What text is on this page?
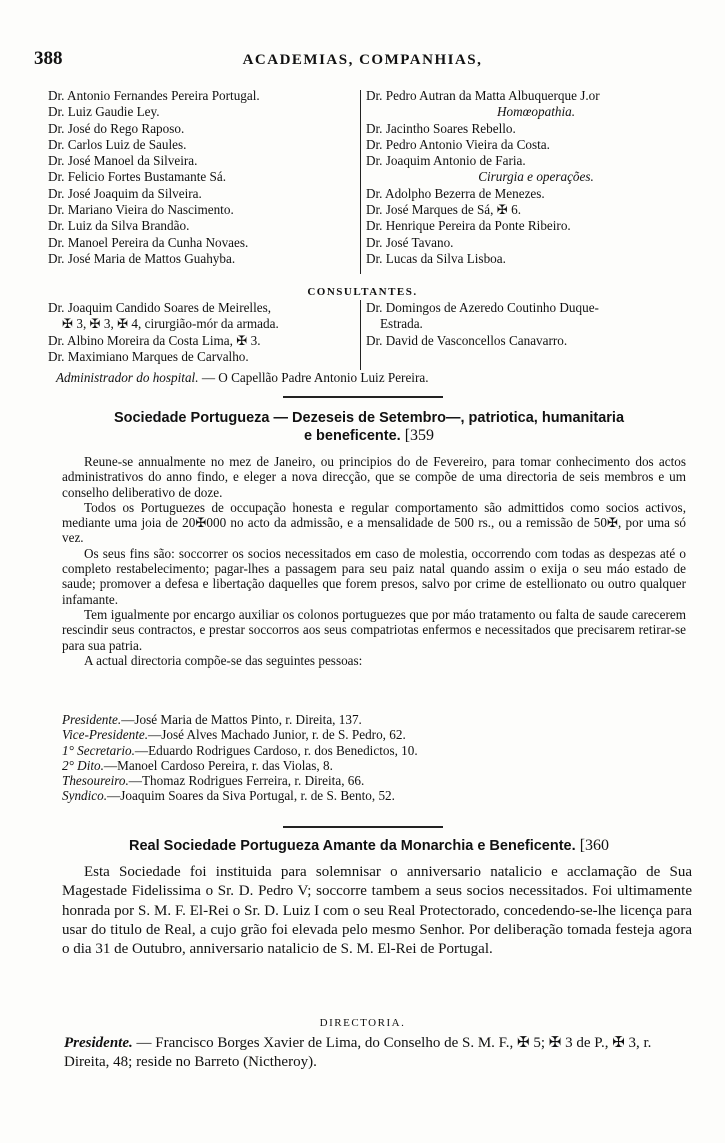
388	ACADEMIAS, COMPANHIAS,
Dr. Antonio Fernandes Pereira Portugal.
Dr. Luiz Gaudie Ley.
Dr. José do Rego Raposo.
Dr. Carlos Luiz de Saules.
Dr. José Manoel da Silveira.
Dr. Felicio Fortes Bustamante Sá.
Dr. José Joaquim da Silveira.
Dr. Mariano Vieira do Nascimento.
Dr. Luiz da Silva Brandão.
Dr. Manoel Pereira da Cunha Novaes.
Dr. José Maria de Mattos Guahyba.
Dr. Pedro Autran da Matta Albuquerque J.or
Homœopathia.
Dr. Jacintho Soares Rebello.
Dr. Pedro Antonio Vieira da Costa.
Dr. Joaquim Antonio de Faria.
Cirurgia e operações.
Dr. Adolpho Bezerra de Menezes.
Dr. José Marques de Sá, ✠ 6.
Dr. Henrique Pereira da Ponte Ribeiro.
Dr. José Tavano.
Dr. Lucas da Silva Lisboa.
CONSULTANTES.
Dr. Joaquim Candido Soares de Meirelles,
✠ 3, ✠ 3, ✠ 4, cirurgião-mór da armada.
Dr. Albino Moreira da Costa Lima, ✠ 3.
Dr. Maximiano Marques de Carvalho.
Dr. Domingos de Azeredo Coutinho Duque-
Estrada.
Dr. David de Vasconcellos Canavarro.
Administrador do hospital. — O Capellão Padre Antonio Luiz Pereira.
Sociedade Portugueza — Dezeseis de Setembro—, patriotica, humanitaria
e beneficente. [359

Reune-se annualmente no mez de Janeiro, ou principios do de Fevereiro, para tomar conhecimento dos actos administrativos do anno findo, e eleger a nova direcção, que se compõe de uma directoria de seis membros e um conselho deliberativo de doze.

Todos os Portuguezes de occupação honesta e regular comportamento são admittidos como socios activos, mediante uma joia de 20✠000 no acto da admissão, e a mensalidade de 500 rs., ou a remissão de 50✠, por uma só vez.

Os seus fins são: soccorrer os socios necessitados em caso de molestia, occorrendo com todas as despezas até o completo restabelecimento; pagar-lhes a passagem para seu paiz natal quando assim o exija o seu máo estado de saude; promover a defesa e libertação daquelles que forem presos, salvo por crime de estellionato ou outro qualquer infamante.

Tem igualmente por encargo auxiliar os colonos portuguezes que por máo tratamento ou falta de saude carecerem rescindir seus contractos, e prestar soccorros aos seus compatriotas enfermos e necessitados que precisarem retirar-se para sua patria.

A actual directoria compõe-se das seguintes pessoas:

Presidente.—José Maria de Mattos Pinto, r. Direita, 137.
Vice-Presidente.—José Alves Machado Junior, r. de S. Pedro, 62.
1° Secretario.—Eduardo Rodrigues Cardoso, r. dos Benedictos, 10.
2° Dito.—Manoel Cardoso Pereira, r. das Violas, 8.
Thesoureiro.—Thomaz Rodrigues Ferreira, r. Direita, 66.
Syndico.—Joaquim Soares da Siva Portugal, r. de S. Bento, 52.
Real Sociedade Portugueza Amante da Monarchia e Beneficente. [360

Esta Sociedade foi instituida para solemnisar o anniversario natalicio e acclamação de Sua Magestade Fidelissima o Sr. D. Pedro V; soccorre tambem a seus socios necessitados. Foi ultimamente honrada por S. M. F. El-Rei o Sr. D. Luiz I com o seu Real Protectorado, concedendo-se-lhe licença para usar do titulo de Real, a cujo grão foi elevada pelo mesmo Senhor. Por deliberação tomada festeja agora o dia 31 de Outubro, anniversario natalicio de S. M. El-Rei de Portugal.

DIRECTORIA.
Presidente. — Francisco Borges Xavier de Lima, do Conselho de S. M. F., ✠ 5; ✠ 3 de P., ✠ 3, r. Direita, 48; reside no Barreto (Nictheroy).
